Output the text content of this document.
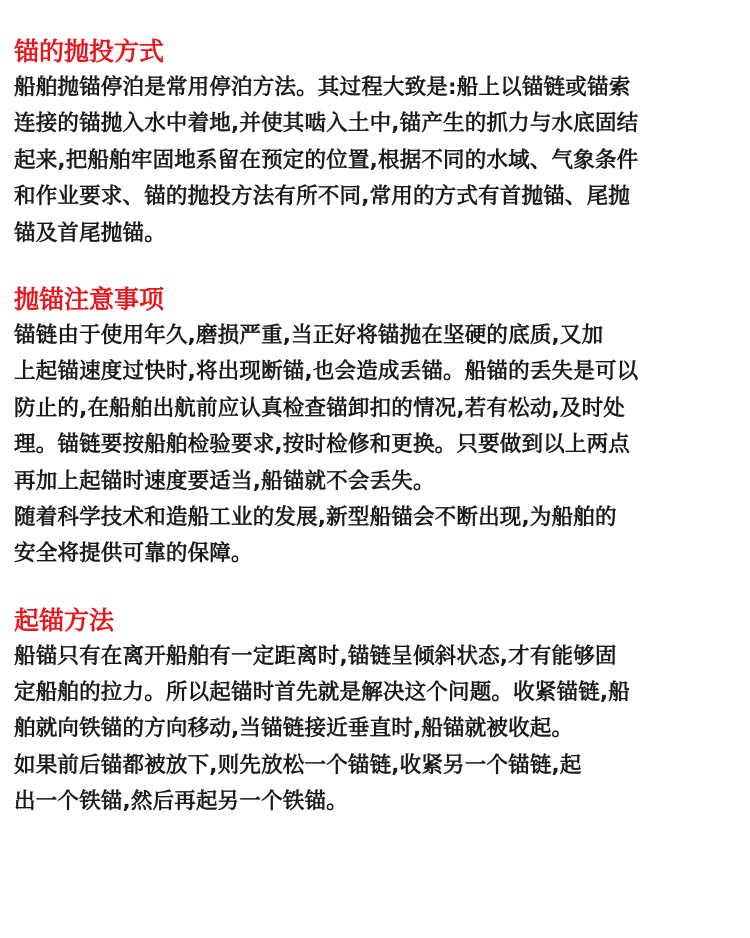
锚的抛投方式
船舶抛锚停泊是常用停泊方法。其过程大致是:船上以锚链或锚索
连接的锚抛入水中着地,并使其啮入土中,锚产生的抓力与水底固结
起来,把船舶牢固地系留在预定的位置,根据不同的水域、气象条件
和作业要求、锚的抛投方法有所不同,常用的方式有首抛锚、尾抛
锚及首尾抛锚。
抛锚注意事项
锚链由于使用年久,磨损严重,当正好将锚抛在坚硬的底质,又加
上起锚速度过快时,将出现断锚,也会造成丢锚。船锚的丢失是可以
防止的,在船舶出航前应认真检查锚卸扣的情况,若有松动,及时处
理。锚链要按船舶检验要求,按时检修和更换。只要做到以上两点
再加上起锚时速度要适当,船锚就不会丢失。
随着科学技术和造船工业的发展,新型船锚会不断出现,为船舶的
安全将提供可靠的保障。
起锚方法
船锚只有在离开船舶有一定距离时,锚链呈倾斜状态,才有能够固
定船舶的拉力。所以起锚时首先就是解决这个问题。收紧锚链,船
舶就向铁锚的方向移动,当锚链接近垂直时,船锚就被收起。
如果前后锚都被放下,则先放松一个锚链,收紧另一个锚链,起
出一个铁锚,然后再起另一个铁锚。
